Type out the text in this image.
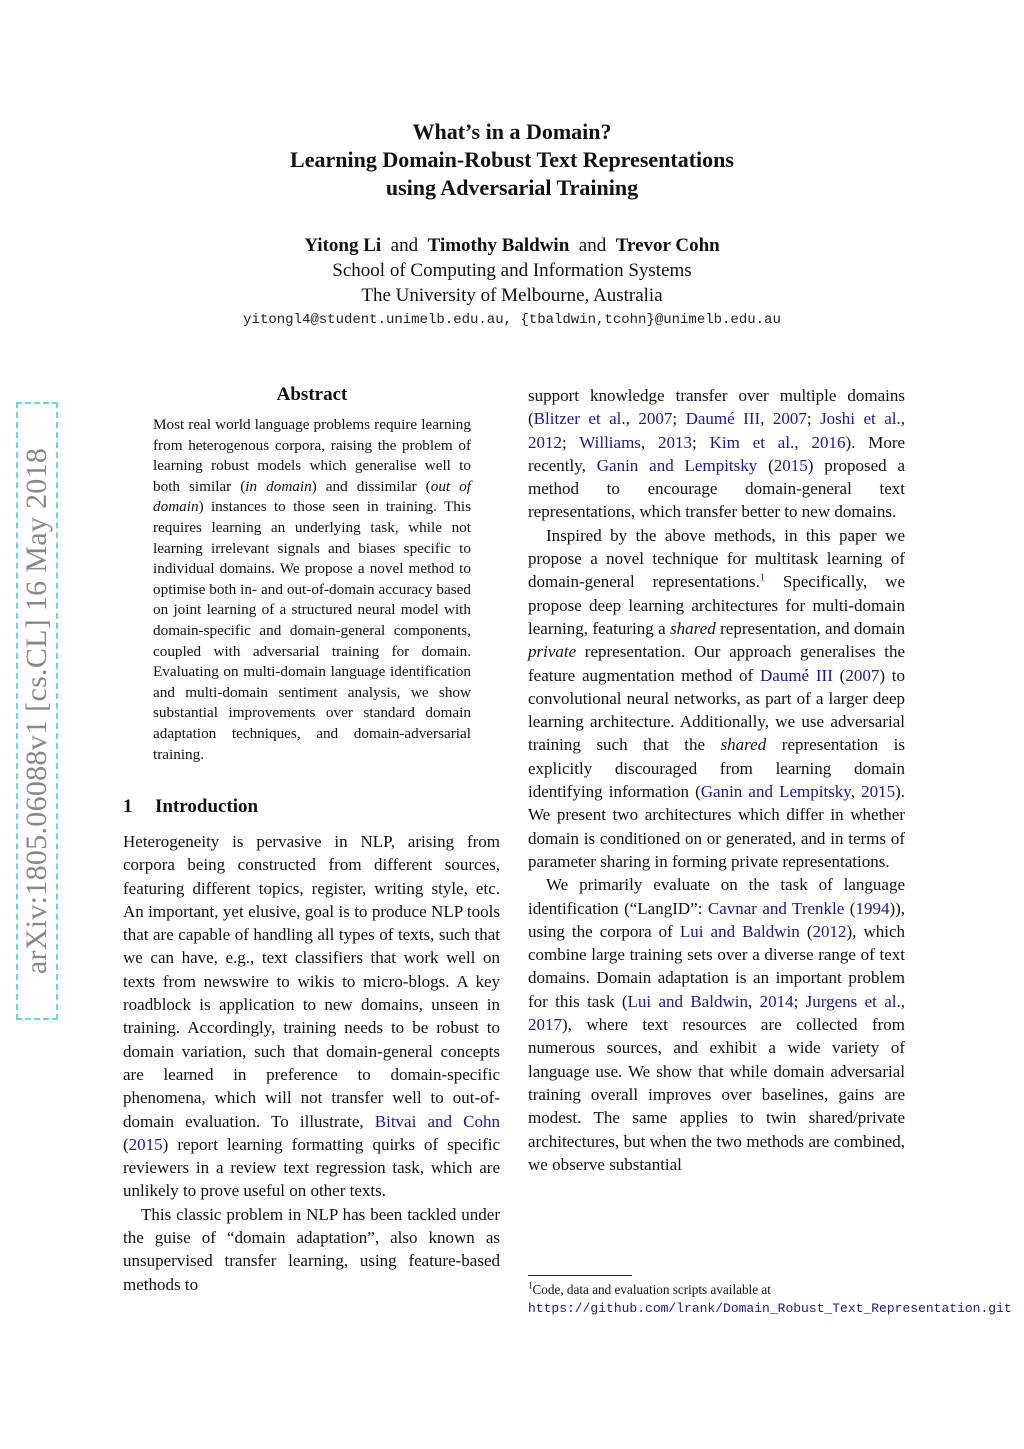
What’s in a Domain?
Learning Domain-Robust Text Representations
using Adversarial Training
Yitong Li and Timothy Baldwin and Trevor Cohn
School of Computing and Information Systems
The University of Melbourne, Australia
yitongl4@student.unimelb.edu.au, {tbaldwin,tcohn}@unimelb.edu.au
arXiv:1805.06088v1 [cs.CL] 16 May 2018
Abstract
Most real world language problems require learning from heterogenous corpora, raising the problem of learning robust models which generalise well to both similar (in domain) and dissimilar (out of domain) instances to those seen in training. This requires learning an underlying task, while not learning irrelevant signals and biases specific to individual domains. We propose a novel method to optimise both in- and out-of-domain accuracy based on joint learning of a structured neural model with domain-specific and domain-general components, coupled with adversarial training for domain. Evaluating on multi-domain language identification and multi-domain sentiment analysis, we show substantial improvements over standard domain adaptation techniques, and domain-adversarial training.
1 Introduction

Heterogeneity is pervasive in NLP, arising from corpora being constructed from different sources, featuring different topics, register, writing style, etc. An important, yet elusive, goal is to produce NLP tools that are capable of handling all types of texts, such that we can have, e.g., text classifiers that work well on texts from newswire to wikis to micro-blogs. A key roadblock is application to new domains, unseen in training. Accordingly, training needs to be robust to domain variation, such that domain-general concepts are learned in preference to domain-specific phenomena, which will not transfer well to out-of-domain evaluation. To illustrate, Bitvai and Cohn (2015) report learning formatting quirks of specific reviewers in a review text regression task, which are unlikely to prove useful on other texts.

This classic problem in NLP has been tackled under the guise of “domain adaptation”, also known as unsupervised transfer learning, using feature-based methods to

support knowledge transfer over multiple domains (Blitzer et al., 2007; Daumé III, 2007; Joshi et al., 2012; Williams, 2013; Kim et al., 2016). More recently, Ganin and Lempitsky (2015) proposed a method to encourage domain-general text representations, which transfer better to new domains.

Inspired by the above methods, in this paper we propose a novel technique for multitask learning of domain-general representations.$^1$ Specifically, we propose deep learning architectures for multi-domain learning, featuring a shared representation, and domain private representation. Our approach generalises the feature augmentation method of Daumé III (2007) to convolutional neural networks, as part of a larger deep learning architecture. Additionally, we use adversarial training such that the shared representation is explicitly discouraged from learning domain identifying information (Ganin and Lempitsky, 2015). We present two architectures which differ in whether domain is conditioned on or generated, and in terms of parameter sharing in forming private representations.

We primarily evaluate on the task of language identification (“LangID”: Cavnar and Trenkle (1994)), using the corpora of Lui and Baldwin (2012), which combine large training sets over a diverse range of text domains. Domain adaptation is an important problem for this task (Lui and Baldwin, 2014; Jurgens et al., 2017), where text resources are collected from numerous sources, and exhibit a wide variety of language use. We show that while domain adversarial training overall improves over baselines, gains are modest. The same applies to twin shared/private architectures, but when the two methods are combined, we observe substantial

$^1$Code, data and evaluation scripts available at
https://github.com/lrank/Domain_Robust_Text_Representation.git
